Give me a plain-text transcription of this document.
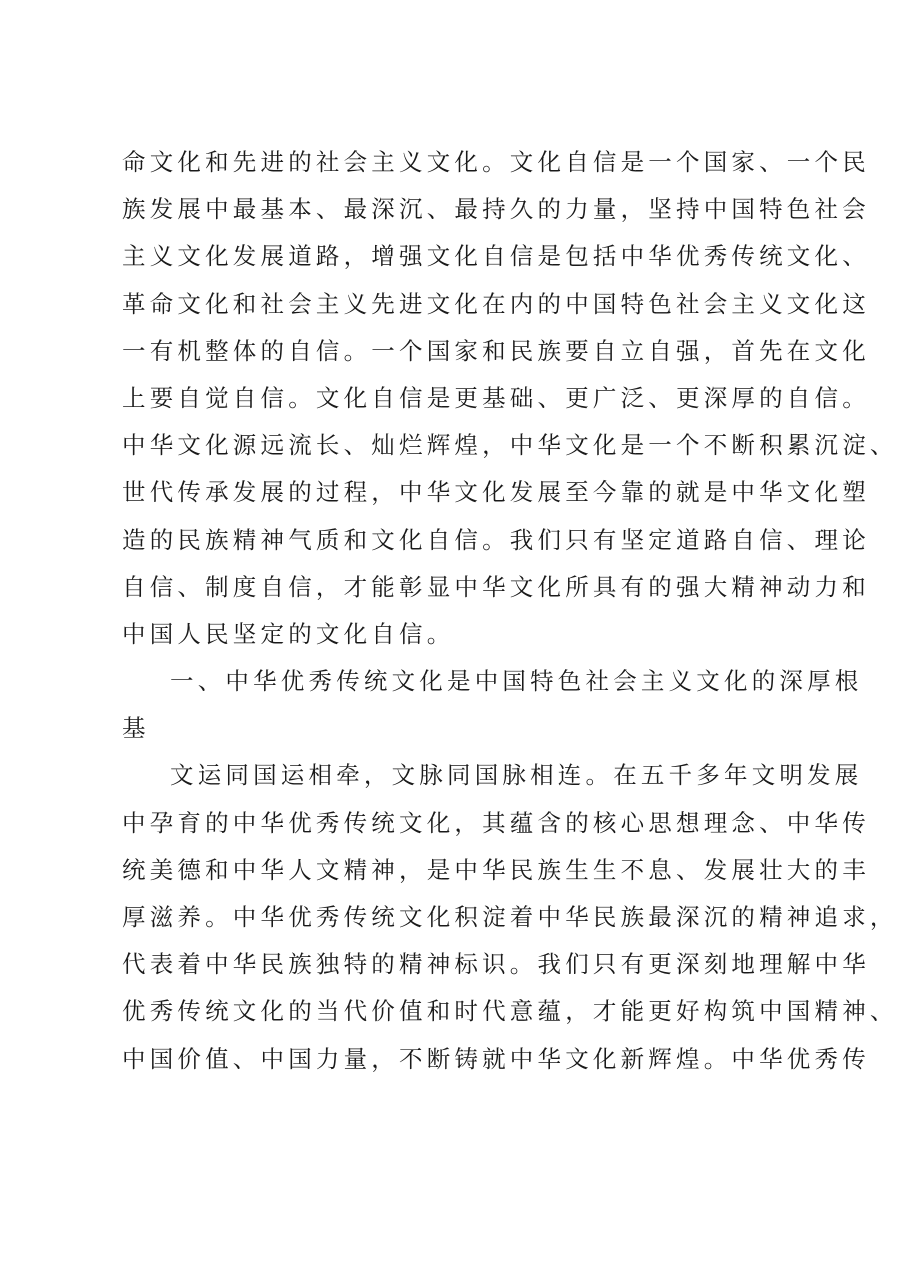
命文化和先进的社会主义文化。文化自信是一个国家、一个民
族发展中最基本、最深沉、最持久的力量，坚持中国特色社会
主义文化发展道路，增强文化自信是包括中华优秀传统文化、
革命文化和社会主义先进文化在内的中国特色社会主义文化这
一有机整体的自信。一个国家和民族要自立自强，首先在文化
上要自觉自信。文化自信是更基础、更广泛、更深厚的自信。
中华文化源远流长、灿烂辉煌，中华文化是一个不断积累沉淀、
世代传承发展的过程，中华文化发展至今靠的就是中华文化塑
造的民族精神气质和文化自信。我们只有坚定道路自信、理论
自信、制度自信，才能彰显中华文化所具有的强大精神动力和
中国人民坚定的文化自信。
一、中华优秀传统文化是中国特色社会主义文化的深厚根
基
文运同国运相牵，文脉同国脉相连。在五千多年文明发展
中孕育的中华优秀传统文化，其蕴含的核心思想理念、中华传
统美德和中华人文精神，是中华民族生生不息、发展壮大的丰
厚滋养。中华优秀传统文化积淀着中华民族最深沉的精神追求，
代表着中华民族独特的精神标识。我们只有更深刻地理解中华
优秀传统文化的当代价值和时代意蕴，才能更好构筑中国精神、
中国价值、中国力量，不断铸就中华文化新辉煌。中华优秀传
